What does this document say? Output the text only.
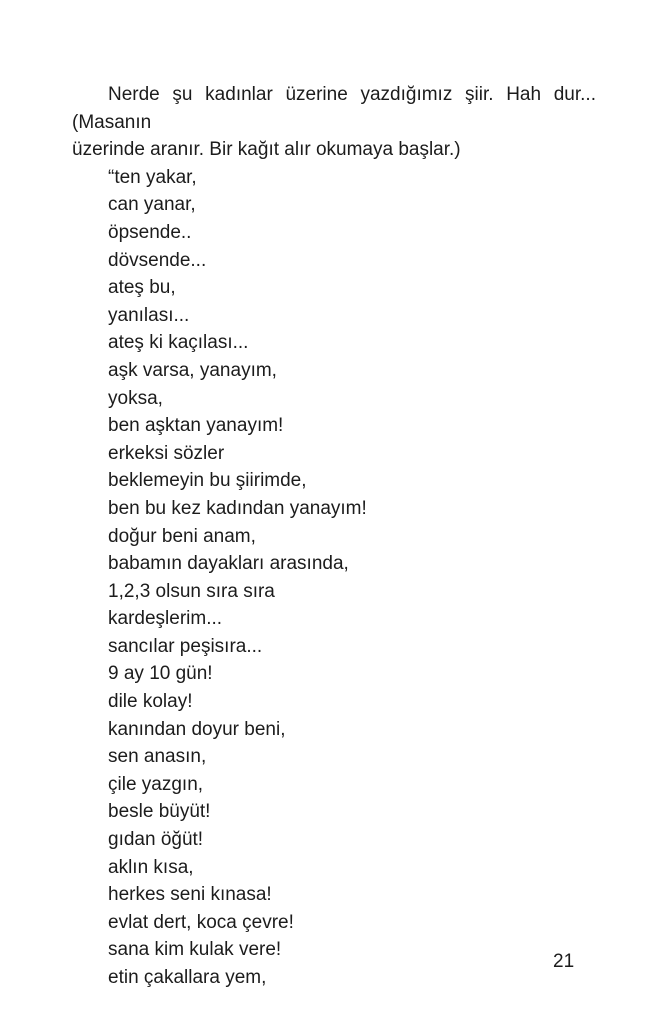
Nerde şu kadınlar üzerine yazdığımız şiir. Hah dur...(Masanın
üzerinde aranır. Bir kağıt alır okumaya başlar.)
“ten yakar,
can yanar,
öpsende..
dövsende...
ateş bu,
yanılası...
ateş ki kaçılası...
aşk varsa, yanayım,
yoksa,
ben aşktan yanayım!
erkeksi sözler
beklemeyin bu şiirimde,
ben bu kez kadından yanayım!
doğur beni anam,
babamın dayakları arasında,
1,2,3 olsun sıra sıra
kardeşlerim...
sancılar peşisıra...
9 ay 10 gün!
dile kolay!
kanından doyur beni,
sen anasın,
çile yazgın,
besle büyüt!
gıdan öğüt!
aklın kısa,
herkes seni kınasa!
evlat dert, koca çevre!
sana kim kulak vere!
etin çakallara yem,
21
